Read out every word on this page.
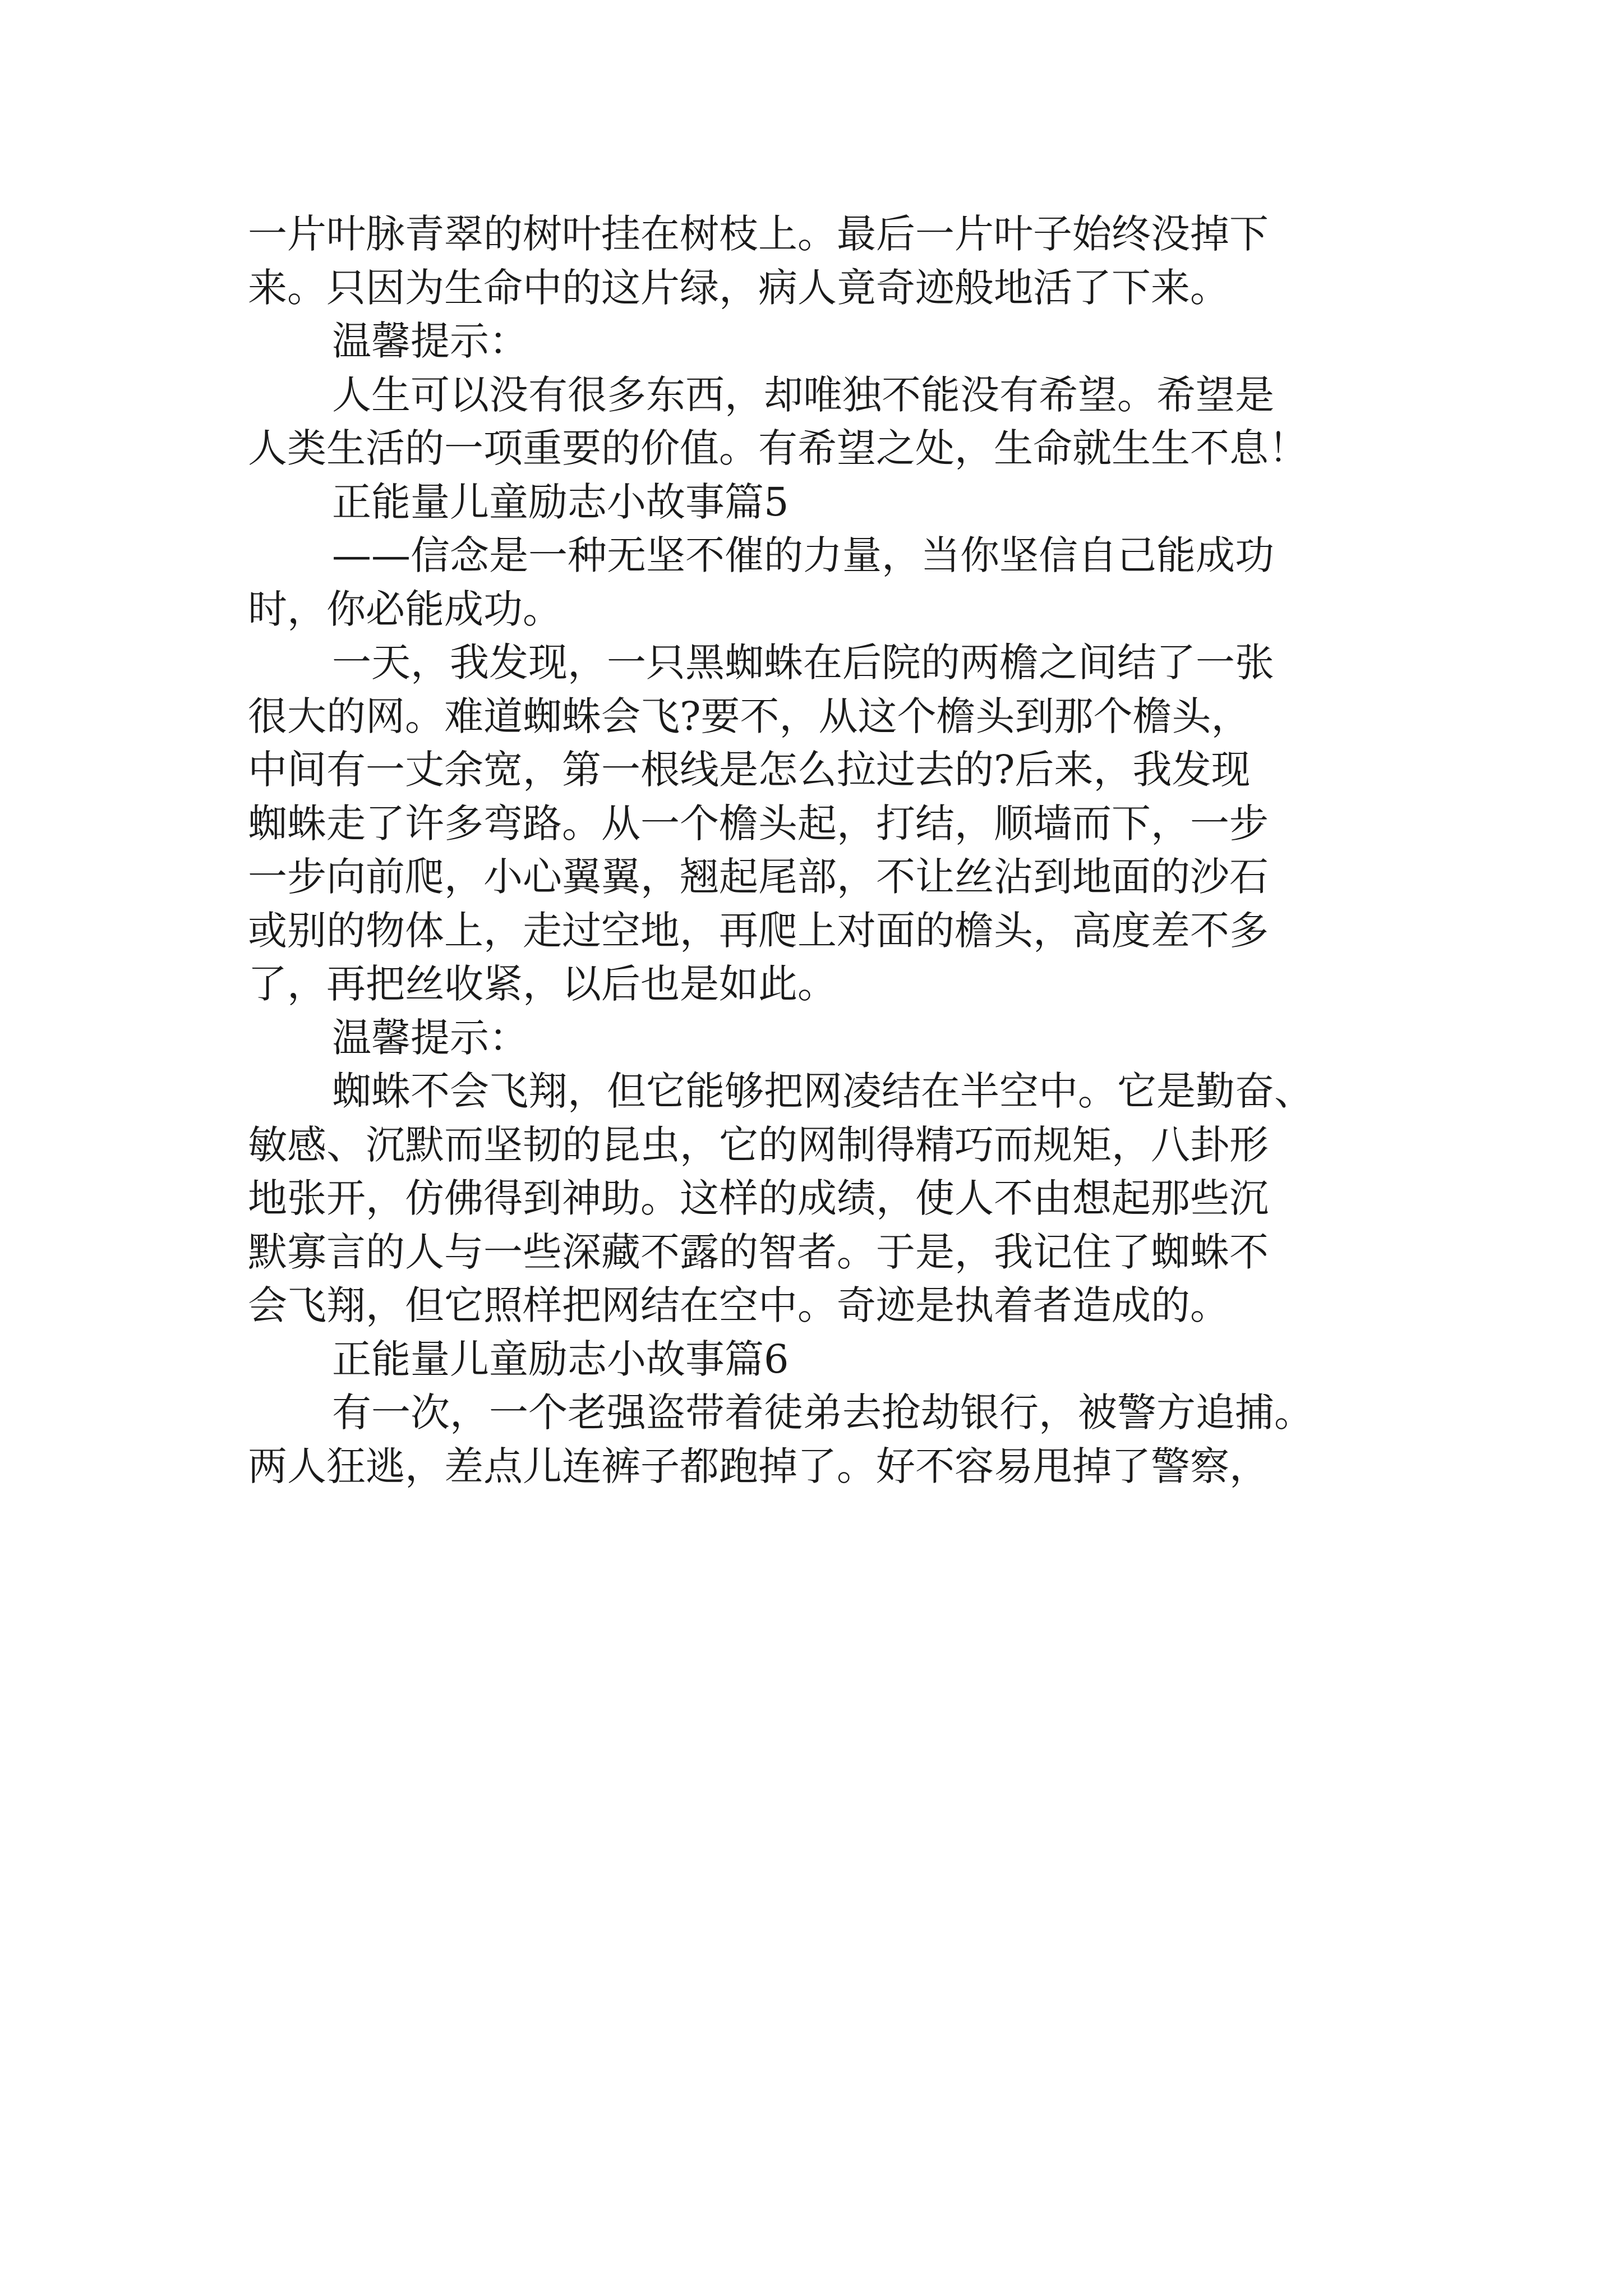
一片叶脉青翠的树叶挂在树枝上。最后一片叶子始终没掉下
来。只因为生命中的这片绿，病人竟奇迹般地活了下来。
温馨提示：
人生可以没有很多东西，却唯独不能没有希望。希望是
人类生活的一项重要的价值。有希望之处，生命就生生不息！
正能量儿童励志小故事篇5
——信念是一种无坚不催的力量，当你坚信自己能成功
时，你必能成功。
一天，我发现，一只黑蜘蛛在后院的两檐之间结了一张
很大的网。难道蜘蛛会飞?要不，从这个檐头到那个檐头，
中间有一丈余宽，第一根线是怎么拉过去的?后来，我发现
蜘蛛走了许多弯路。从一个檐头起，打结，顺墙而下，一步
一步向前爬，小心翼翼，翘起尾部，不让丝沾到地面的沙石
或别的物体上，走过空地，再爬上对面的檐头，高度差不多
了，再把丝收紧，以后也是如此。
温馨提示：
蜘蛛不会飞翔，但它能够把网凌结在半空中。它是勤奋、
敏感、沉默而坚韧的昆虫，它的网制得精巧而规矩，八卦形
地张开，仿佛得到神助。这样的成绩，使人不由想起那些沉
默寡言的人与一些深藏不露的智者。于是，我记住了蜘蛛不
会飞翔，但它照样把网结在空中。奇迹是执着者造成的。
正能量儿童励志小故事篇6
有一次，一个老强盗带着徒弟去抢劫银行，被警方追捕。
两人狂逃，差点儿连裤子都跑掉了。好不容易甩掉了警察，
